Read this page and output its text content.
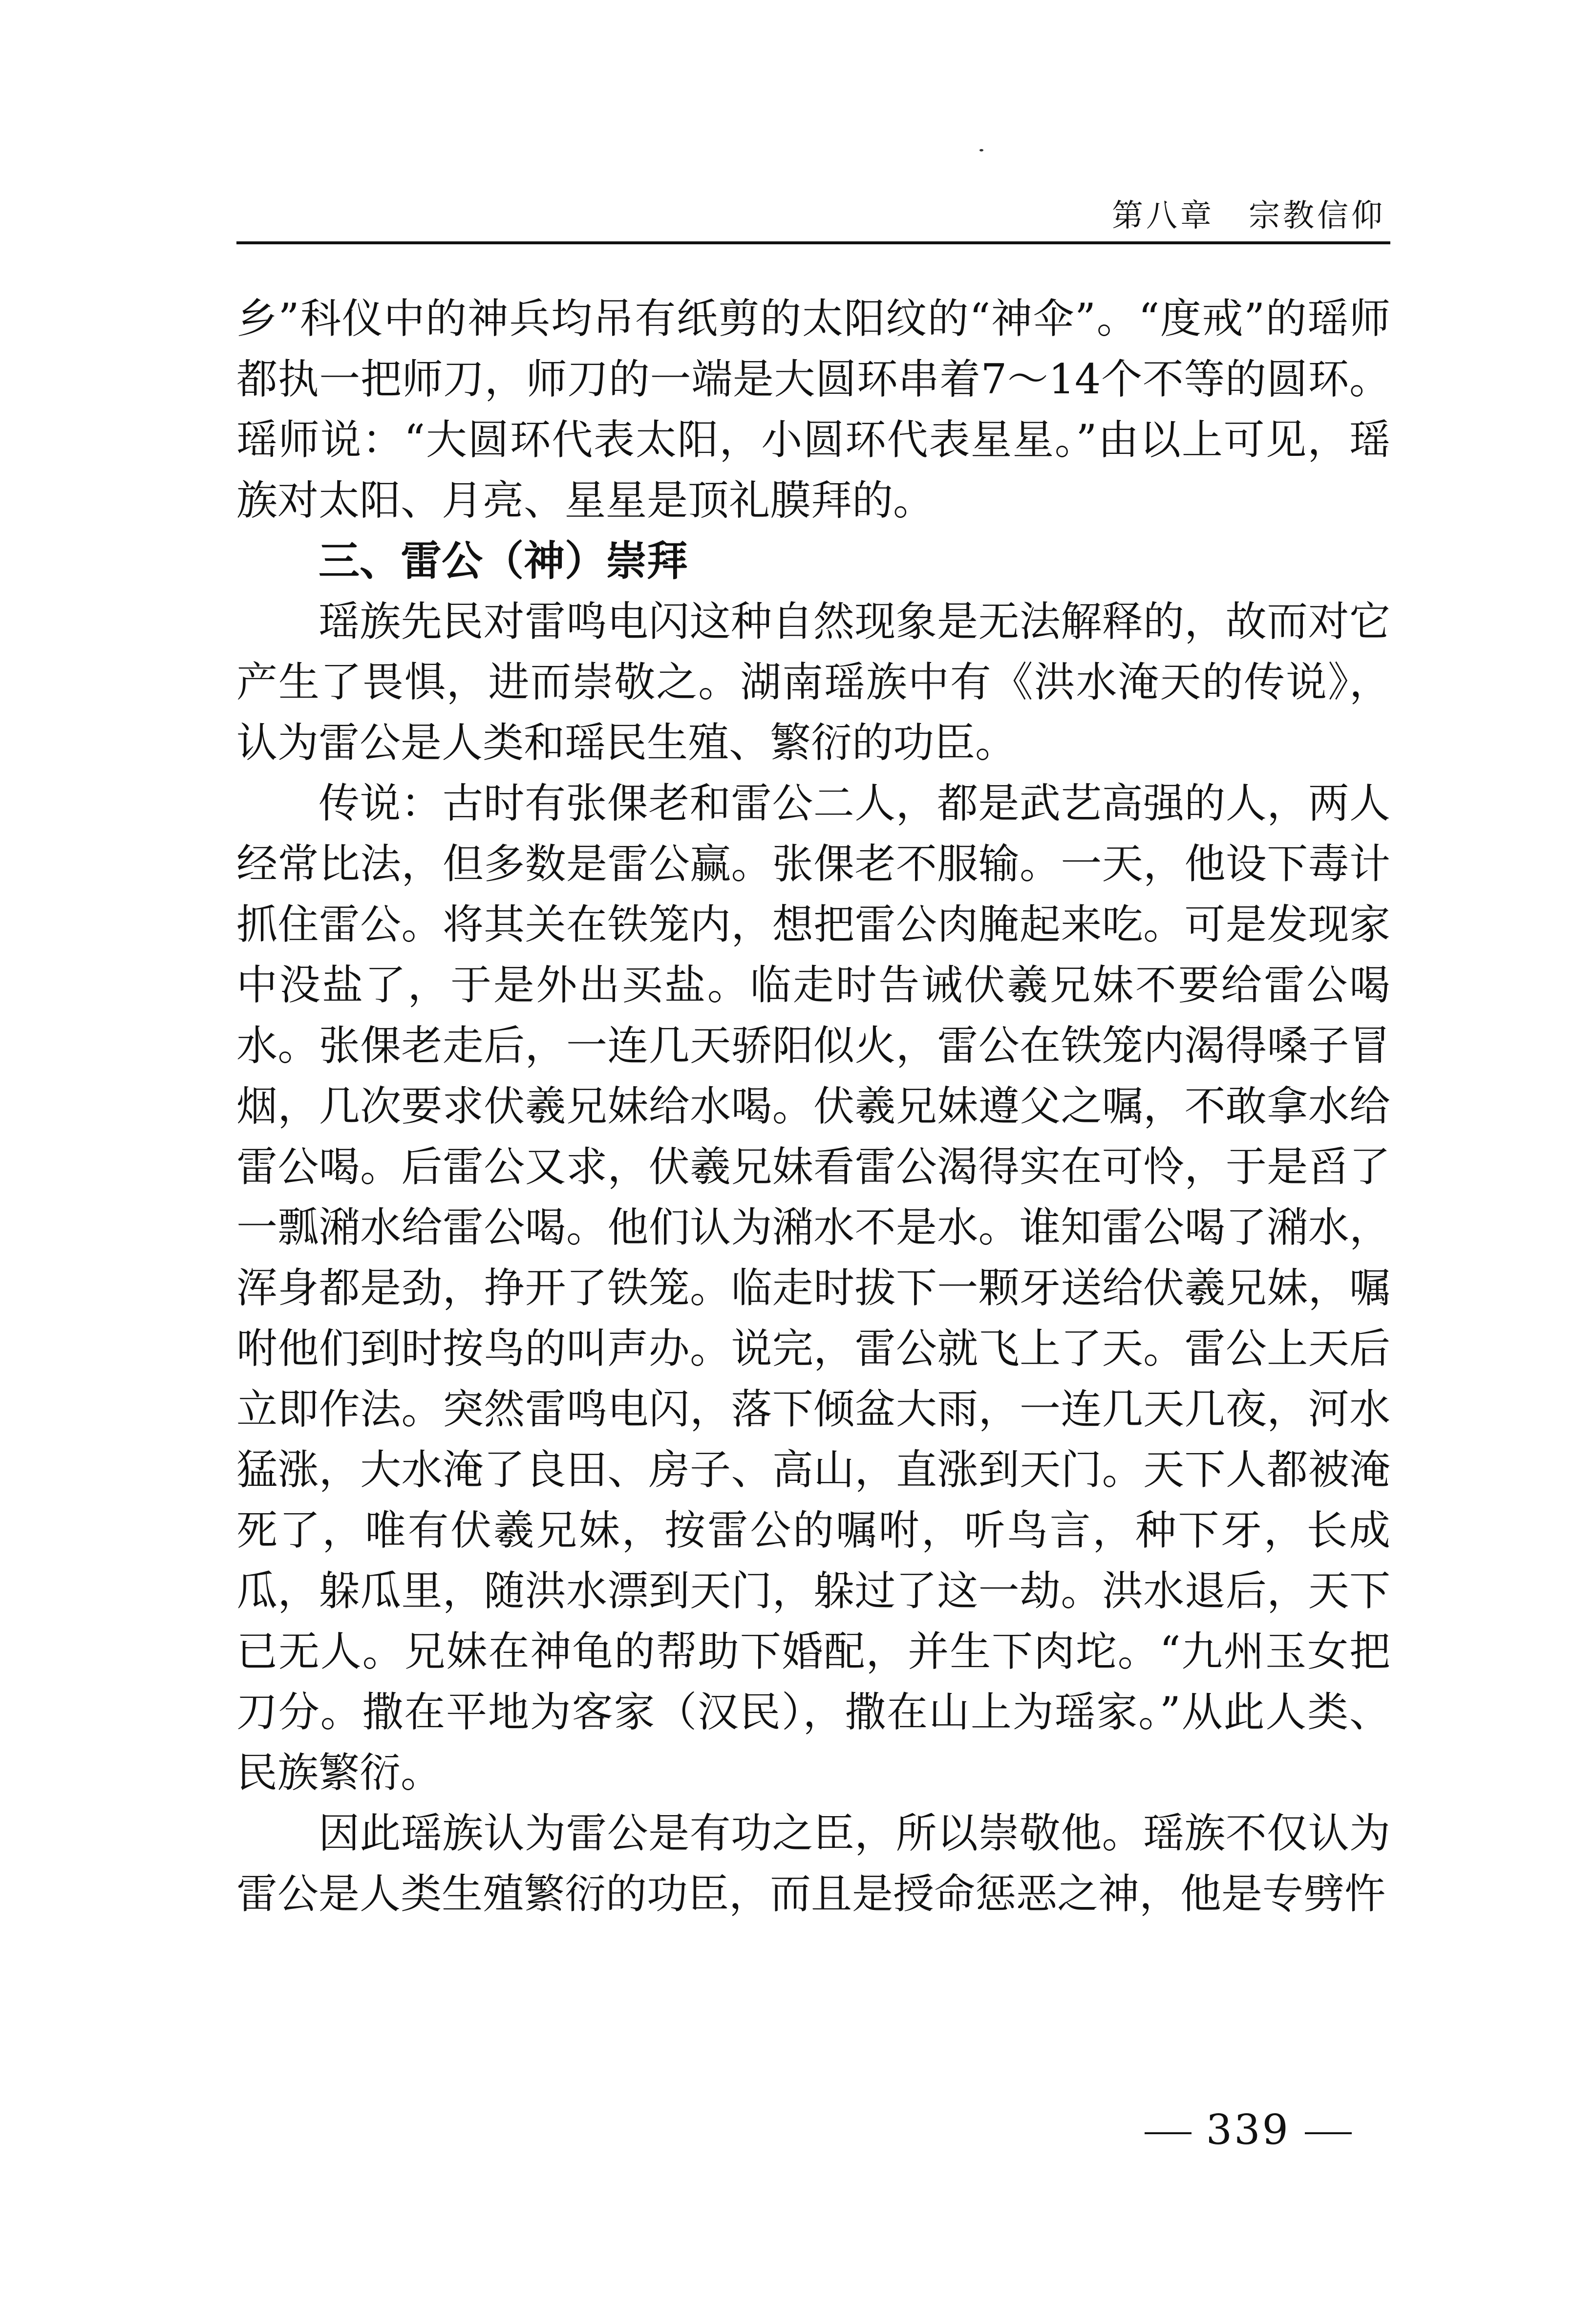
第八章　宗教信仰

乡”科仪中的神兵均吊有纸剪的太阳纹的“神伞”。“度戒”的瑶师都执一把师刀，师刀的一端是大圆环串着7～14个不等的圆环。瑶师说：“大圆环代表太阳，小圆环代表星星。”由以上可见，瑶族对太阳、月亮、星星是顶礼膜拜的。

三、雷公（神）崇拜

瑶族先民对雷鸣电闪这种自然现象是无法解释的，故而对它产生了畏惧，进而崇敬之。湖南瑶族中有《洪水淹天的传说》，认为雷公是人类和瑶民生殖、繁衍的功臣。

传说：古时有张倮老和雷公二人，都是武艺高强的人，两人经常比法，但多数是雷公赢。张倮老不服输。一天，他设下毒计抓住雷公。将其关在铁笼内，想把雷公肉腌起来吃。可是发现家中没盐了，于是外出买盐。临走时告诫伏羲兄妹不要给雷公喝水。张倮老走后，一连几天骄阳似火，雷公在铁笼内渴得嗓子冒烟，几次要求伏羲兄妹给水喝。伏羲兄妹遵父之嘱，不敢拿水给雷公喝。后雷公又求，伏羲兄妹看雷公渴得实在可怜，于是舀了一瓢潲水给雷公喝。他们认为潲水不是水。谁知雷公喝了潲水，浑身都是劲，挣开了铁笼。临走时拔下一颗牙送给伏羲兄妹，嘱咐他们到时按鸟的叫声办。说完，雷公就飞上了天。雷公上天后立即作法。突然雷鸣电闪，落下倾盆大雨，一连几天几夜，河水猛涨，大水淹了良田、房子、高山，直涨到天门。天下人都被淹死了，唯有伏羲兄妹，按雷公的嘱咐，听鸟言，种下牙，长成瓜，躲瓜里，随洪水漂到天门，躲过了这一劫。洪水退后，天下已无人。兄妹在神龟的帮助下婚配，并生下肉坨。“九州玉女把刀分。撒在平地为客家（汉民），撒在山上为瑶家。”从此人类、民族繁衍。

因此瑶族认为雷公是有功之臣，所以崇敬他。瑶族不仅认为雷公是人类生殖繁衍的功臣，而且是授命惩恶之神，他是专劈忤

339
